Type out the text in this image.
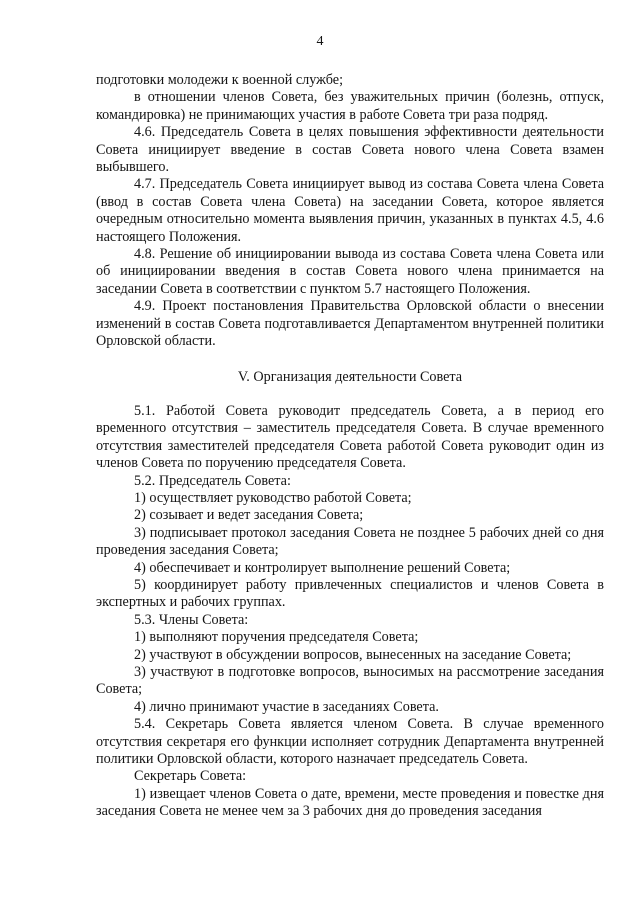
4

подготовки молодежи к военной службе;

в отношении членов Совета, без уважительных причин (болезнь, отпуск, командировка) не принимающих участия в работе Совета три раза подряд.

4.6. Председатель Совета в целях повышения эффективности деятельности Совета инициирует введение в состав Совета нового члена Совета взамен выбывшего.

4.7. Председатель Совета инициирует вывод из состава Совета члена Совета (ввод в состав Совета члена Совета) на заседании Совета, которое является очередным относительно момента выявления причин, указанных в пунктах 4.5, 4.6 настоящего Положения.

4.8. Решение об инициировании вывода из состава Совета члена Совета или об инициировании введения в состав Совета нового члена принимается на заседании Совета в соответствии с пунктом 5.7 настоящего Положения.

4.9. Проект постановления Правительства Орловской области о внесении изменений в состав Совета подготавливается Департаментом внутренней политики Орловской области.

V. Организация деятельности Совета

5.1. Работой Совета руководит председатель Совета, а в период его временного отсутствия – заместитель председателя Совета. В случае временного отсутствия заместителей председателя Совета работой Совета руководит один из членов Совета по поручению председателя Совета.

5.2. Председатель Совета:

1) осуществляет руководство работой Совета;

2) созывает и ведет заседания Совета;

3) подписывает протокол заседания Совета не позднее 5 рабочих дней со дня проведения заседания Совета;

4) обеспечивает и контролирует выполнение решений Совета;

5) координирует работу привлеченных специалистов и членов Совета в экспертных и рабочих группах.

5.3. Члены Совета:

1) выполняют поручения председателя Совета;

2) участвуют в обсуждении вопросов, вынесенных на заседание Совета;

3) участвуют в подготовке вопросов, выносимых на рассмотрение заседания Совета;

4) лично принимают участие в заседаниях Совета.

5.4. Секретарь Совета является членом Совета. В случае временного отсутствия секретаря его функции исполняет сотрудник Департамента внутренней политики Орловской области, которого назначает председатель Совета.

Секретарь Совета:

1) извещает членов Совета о дате, времени, месте проведения и повестке дня заседания Совета не менее чем за 3 рабочих дня до проведения заседания
